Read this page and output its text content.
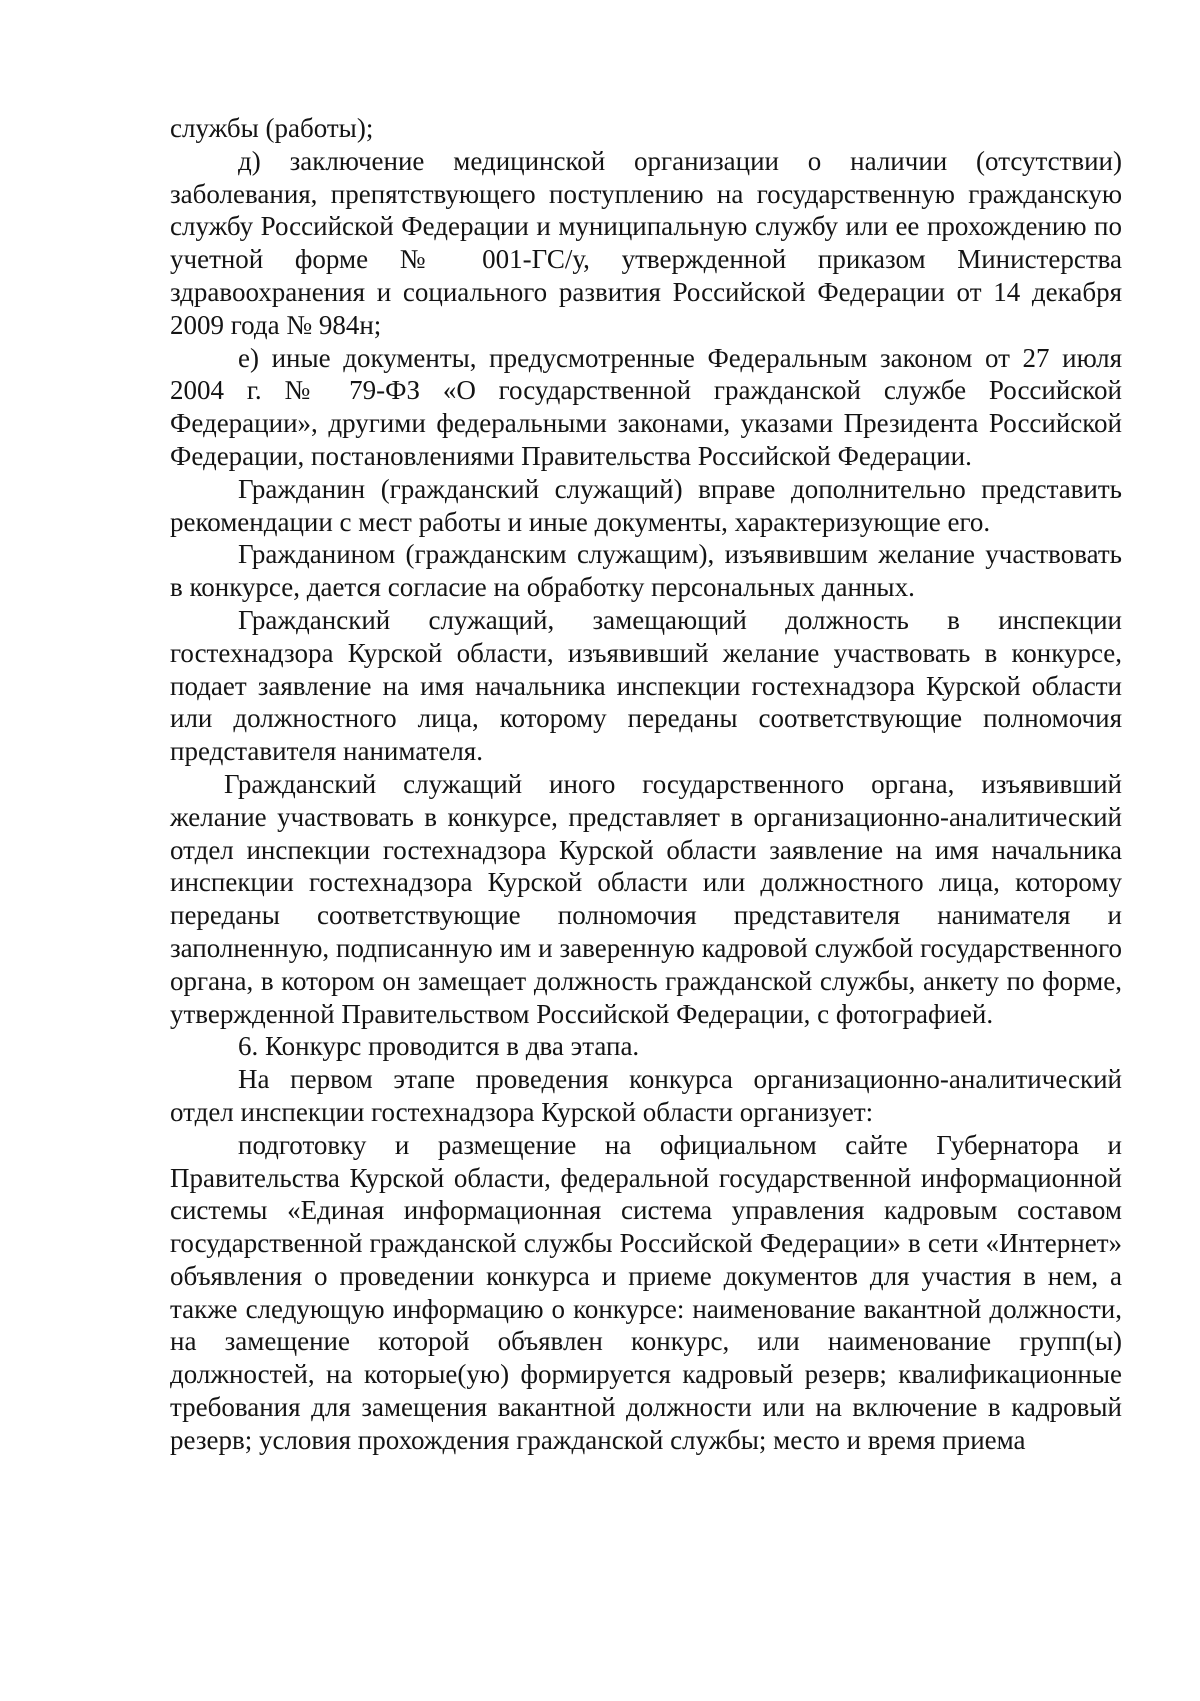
службы (работы);

д) заключение медицинской организации о наличии (отсутствии) заболевания, препятствующего поступлению на государственную гражданскую службу Российской Федерации и муниципальную службу или ее прохождению по учетной форме № 001-ГС/у, утвержденной приказом Министерства здравоохранения и социального развития Российской Федерации от 14 декабря 2009 года № 984н;

е) иные документы, предусмотренные Федеральным законом от 27 июля 2004 г. № 79-ФЗ «О государственной гражданской службе Российской Федерации», другими федеральными законами, указами Президента Российской Федерации, постановлениями Правительства Российской Федерации.

Гражданин (гражданский служащий) вправе дополнительно представить рекомендации с мест работы и иные документы, характеризующие его.

Гражданином (гражданским служащим), изъявившим желание участвовать в конкурсе, дается согласие на обработку персональных данных.

Гражданский служащий, замещающий должность в инспекции гостехнадзора Курской области, изъявивший желание участвовать в конкурсе, подает заявление на имя начальника инспекции гостехнадзора Курской области или должностного лица, которому переданы соответствующие полномочия представителя нанимателя.

Гражданский служащий иного государственного органа, изъявивший желание участвовать в конкурсе, представляет в организационно-аналитический отдел инспекции гостехнадзора Курской области заявление на имя начальника инспекции гостехнадзора Курской области или должностного лица, которому переданы соответствующие полномочия представителя нанимателя и заполненную, подписанную им и заверенную кадровой службой государственного органа, в котором он замещает должность гражданской службы, анкету по форме, утвержденной Правительством Российской Федерации, с фотографией.

6. Конкурс проводится в два этапа.

На первом этапе проведения конкурса организационно-аналитический отдел инспекции гостехнадзора Курской области организует:

подготовку и размещение на официальном сайте Губернатора и Правительства Курской области, федеральной государственной информационной системы «Единая информационная система управления кадровым составом государственной гражданской службы Российской Федерации» в сети «Интернет» объявления о проведении конкурса и приеме документов для участия в нем, а также следующую информацию о конкурсе: наименование вакантной должности, на замещение которой объявлен конкурс, или наименование групп(ы) должностей, на которые(ую) формируется кадровый резерв; квалификационные требования для замещения вакантной должности или на включение в кадровый резерв; условия прохождения гражданской службы; место и время приема
